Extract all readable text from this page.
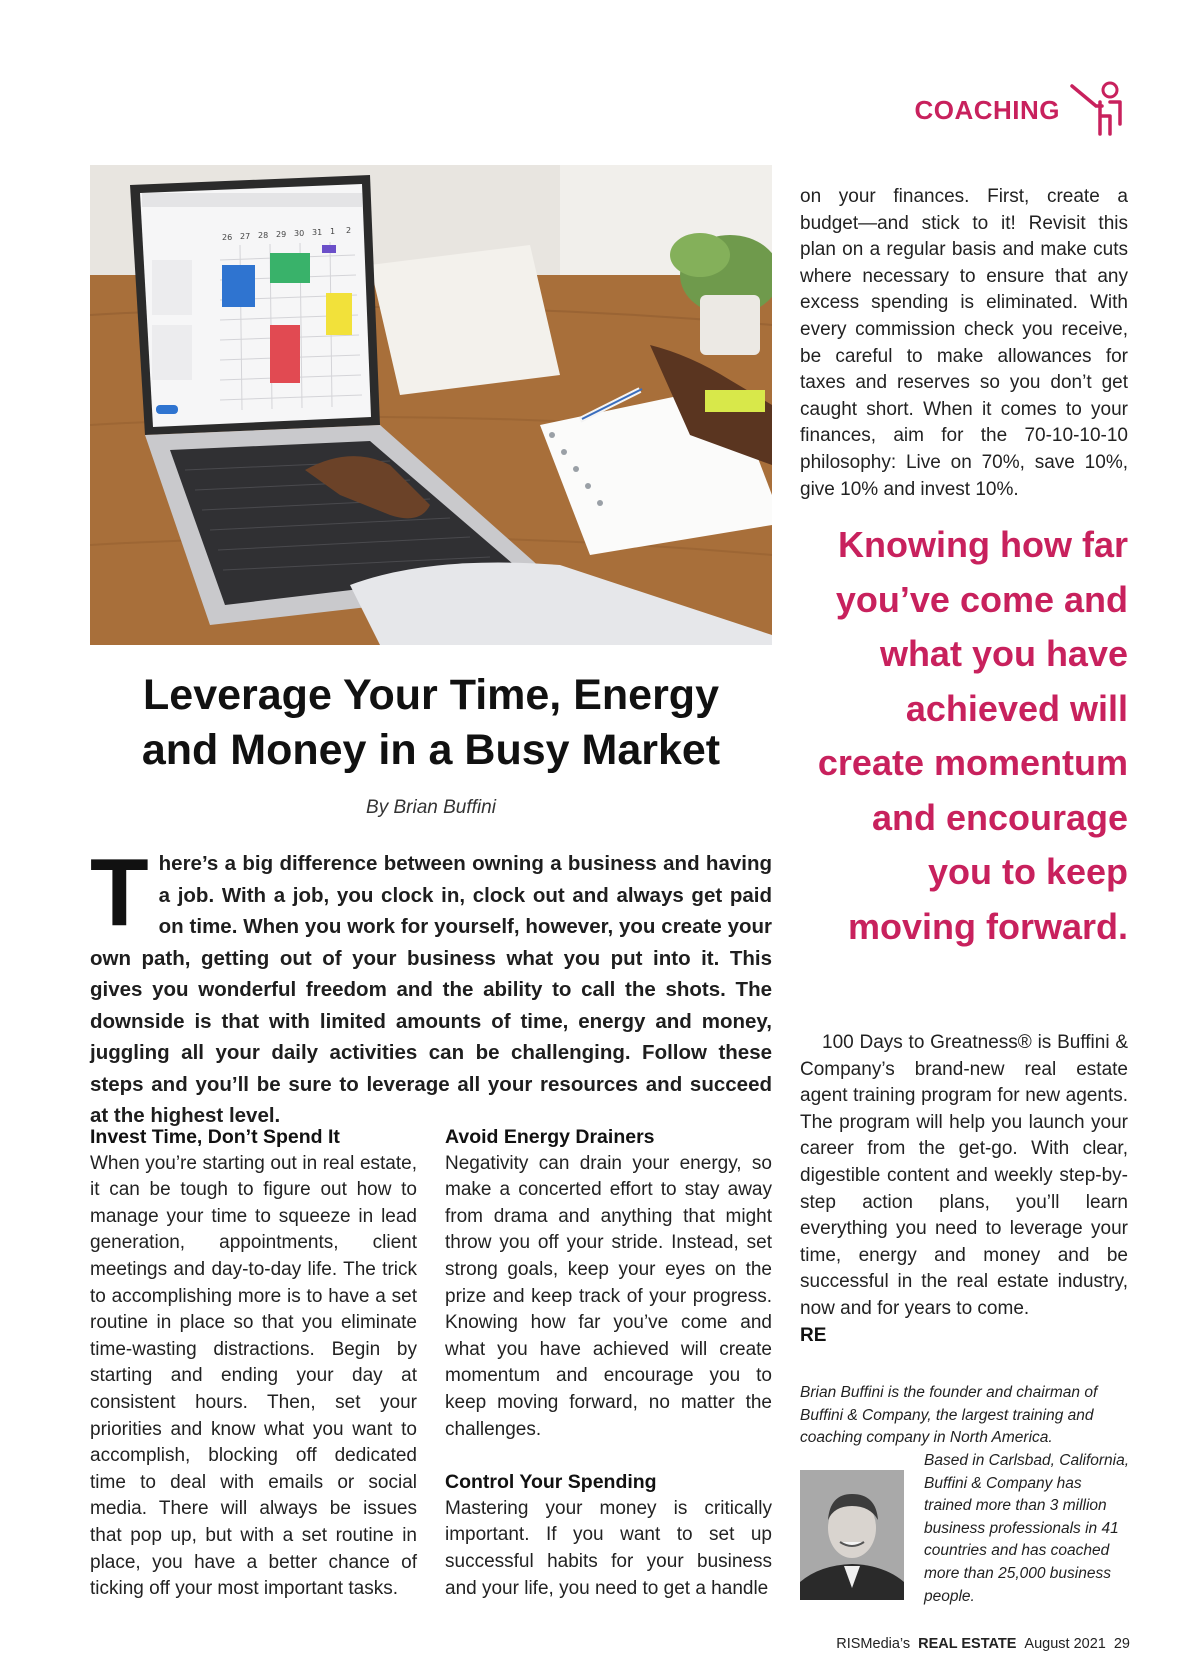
COACHING
26 27 28 29 30 31 1 2
Leverage Your Time, Energy
and Money in a Busy Market
By Brian Buffini
There’s a big difference between owning a business and having a job. With a job, you clock in, clock out and always get paid on time. When you work for yourself, however, you create your own path, getting out of your business what you put into it. This gives you wonderful freedom and the ability to call the shots. The downside is that with limited amounts of time, energy and money, juggling all your daily activities can be challenging. Follow these steps and you’ll be sure to leverage all your resources and succeed at the highest level.
Invest Time, Don’t Spend It

When you’re starting out in real estate, it can be tough to figure out how to manage your time to squeeze in lead generation, appointments, client meetings and day-to-day life. The trick to accomplishing more is to have a set routine in place so that you eliminate time-wasting distractions. Begin by starting and ending your day at consistent hours. Then, set your priorities and know what you want to accomplish, blocking off dedicated time to deal with emails or social media. There will always be issues that pop up, but with a set routine in place, you have a better chance of ticking off your most important tasks.

Avoid Energy Drainers

Negativity can drain your energy, so make a concerted effort to stay away from drama and anything that might throw you off your stride. Instead, set strong goals, keep your eyes on the prize and keep track of your progress. Knowing how far you’ve come and what you have achieved will create momentum and encourage you to keep moving forward, no matter the challenges.

Control Your Spending

Mastering your money is critically important. If you want to set up successful habits for your business and your life, you need to get a handle

on your finances. First, create a budget—and stick to it! Revisit this plan on a regular basis and make cuts where necessary to ensure that any excess spending is eliminated. With every commission check you receive, be careful to make allowances for taxes and reserves so you don’t get caught short. When it comes to your finances, aim for the 70-10-10-10 philosophy: Live on 70%, save 10%, give 10% and invest 10%.

Knowing how far you’ve come and what you have achieved will create momentum and encourage you to keep moving forward.

100 Days to Greatness® is Buffini & Company’s brand-new real estate agent training program for new agents. The program will help you launch your career from the get-go. With clear, digestible content and weekly step-by-step action plans, you’ll learn everything you need to leverage your time, energy and money and be successful in the real estate industry, now and for years to come.

RE
Brian Buffini is the founder and chairman of Buffini & Company, the largest training and coaching company in North America.
Based in Carlsbad, California, Buffini & Company has trained more than 3 million business professionals in 41 countries and has coached more than 25,000 business people.
RISMedia’s REAL ESTATE August 2021 29
